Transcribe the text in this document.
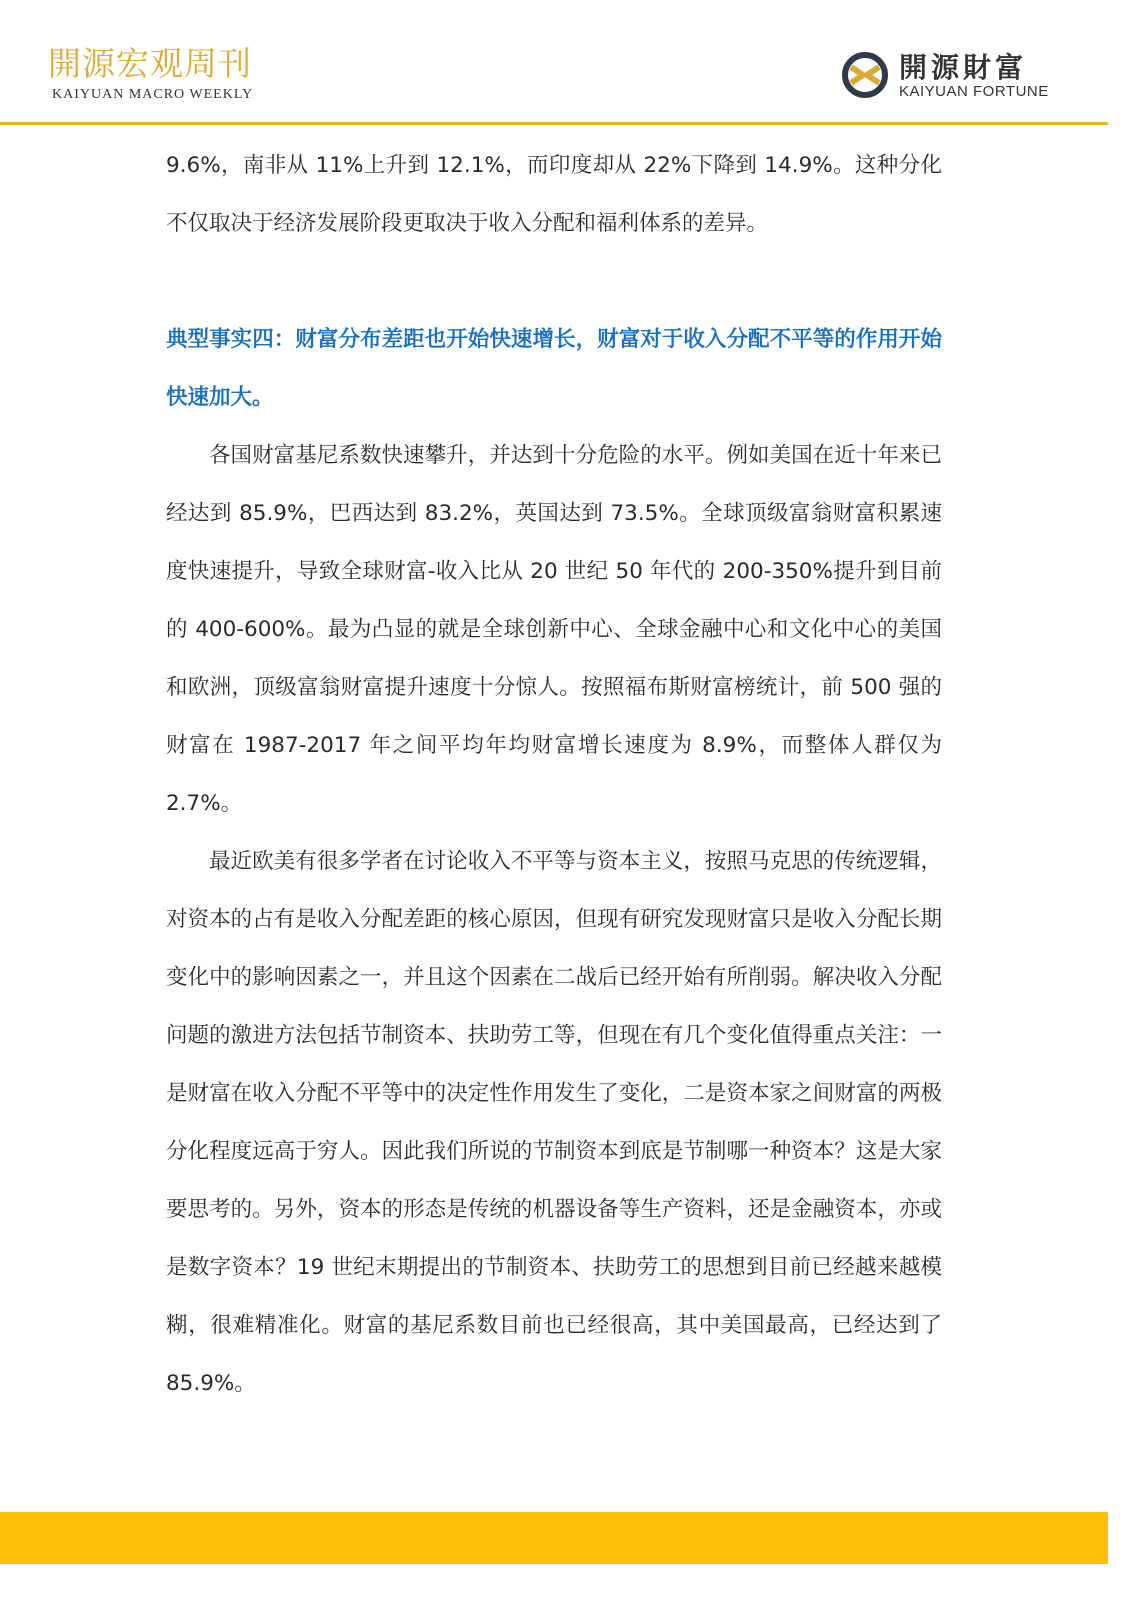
開源宏观周刊
KAIYUAN MACRO WEEKLY
開源財富
KAIYUAN FORTUNE

9.6%，南非从 11%上升到 12.1%，而印度却从 22%下降到 14.9%。这种分化不仅取决于经济发展阶段更取决于收入分配和福利体系的差异。

典型事实四：财富分布差距也开始快速增长，财富对于收入分配不平等的作用开始快速加大。

各国财富基尼系数快速攀升，并达到十分危险的水平。例如美国在近十年来已经达到 85.9%，巴西达到 83.2%，英国达到 73.5%。全球顶级富翁财富积累速度快速提升，导致全球财富-收入比从 20 世纪 50 年代的 200-350%提升到目前的 400-600%。最为凸显的就是全球创新中心、全球金融中心和文化中心的美国和欧洲，顶级富翁财富提升速度十分惊人。按照福布斯财富榜统计，前 500 强的财富在 1987-2017 年之间平均年均财富增长速度为 8.9%，而整体人群仅为 2.7%。

最近欧美有很多学者在讨论收入不平等与资本主义，按照马克思的传统逻辑，对资本的占有是收入分配差距的核心原因，但现有研究发现财富只是收入分配长期变化中的影响因素之一，并且这个因素在二战后已经开始有所削弱。解决收入分配问题的激进方法包括节制资本、扶助劳工等，但现在有几个变化值得重点关注：一是财富在收入分配不平等中的决定性作用发生了变化，二是资本家之间财富的两极分化程度远高于穷人。因此我们所说的节制资本到底是节制哪一种资本？这是大家要思考的。另外，资本的形态是传统的机器设备等生产资料，还是金融资本，亦或是数字资本？19 世纪末期提出的节制资本、扶助劳工的思想到目前已经越来越模糊，很难精准化。财富的基尼系数目前也已经很高，其中美国最高，已经达到了 85.9%。
